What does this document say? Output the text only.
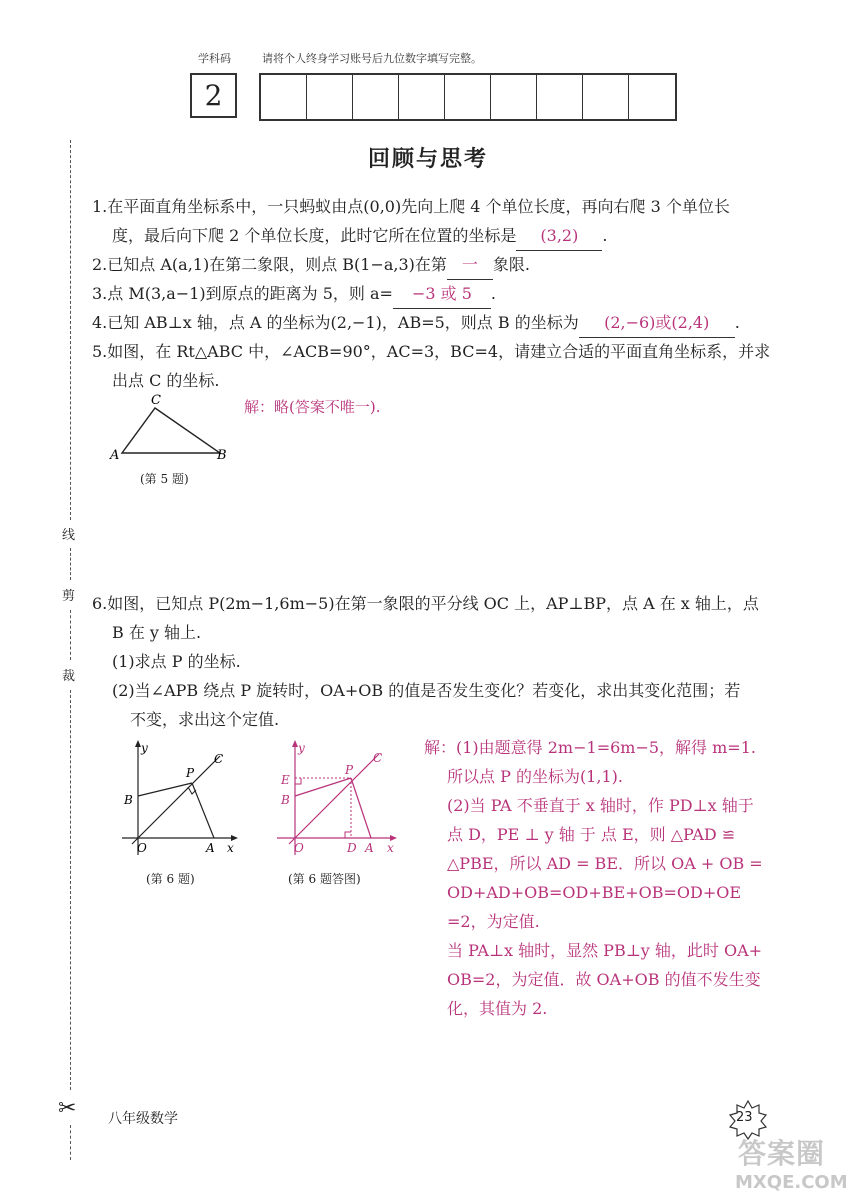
学科码	请将个人终身学习账号后九位数字填写完整。
2
线
剪
裁
✂
回顾与思考
1.在平面直角坐标系中，一只蚂蚁由点(0,0)先向上爬 4 个单位长度，再向右爬 3 个单位长
度，最后向下爬 2 个单位长度，此时它所在位置的坐标是 (3,2) .
2.已知点 A(a,1)在第二象限，则点 B(1−a,3)在第 一 象限.
3.点 M(3,a−1)到原点的距离为 5，则 a= −3 或 5 .
4.已知 AB⊥x 轴，点 A 的坐标为(2,−1)，AB=5，则点 B 的坐标为 (2,−6)或(2,4) .
5.如图，在 Rt△ABC 中，∠ACB=90°，AC=3，BC=4，请建立合适的平面直角坐标系，并求
出点 C 的坐标.
A
C
B
(第 5 题)
解：略(答案不唯一).
6.如图，已知点 P(2m−1,6m−5)在第一象限的平分线 OC 上，AP⊥BP，点 A 在 x 轴上，点
B 在 y 轴上.
(1)求点 P 的坐标.
(2)当∠APB 绕点 P 旋转时，OA+OB 的值是否发生变化？若变化，求出其变化范围；若
不变，求出这个定值.
y
x
O
P
C
B
A
(第 6 题)
y
x
O
P
C
E
B
D A
(第 6 题答图)
解：(1)由题意得 2m−1=6m−5，解得 m=1.
所以点 P 的坐标为(1,1).
(2)当 PA 不垂直于 x 轴时，作 PD⊥x 轴于
点 D，PE ⊥ y 轴 于 点 E，则 △PAD ≌
△PBE，所以 AD = BE．所以 OA + OB =
OD+AD+OB=OD+BE+OB=OD+OE
=2，为定值.
当 PA⊥x 轴时，显然 PB⊥y 轴，此时 OA+
OB=2，为定值．故 OA+OB 的值不发生变
化，其值为 2.
八年级数学	23
答案圈
MXQE.COM
